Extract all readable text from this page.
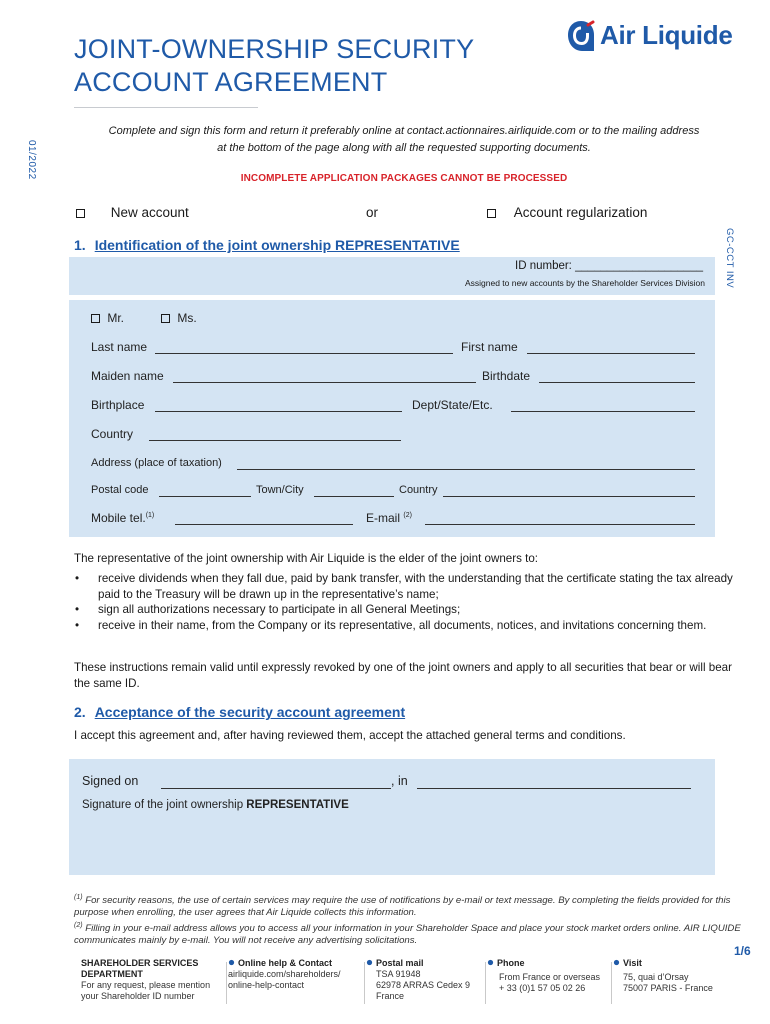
JOINT-OWNERSHIP SECURITY
ACCOUNT AGREEMENT
Air Liquide
01/2022
GC-CCT INV
Complete and sign this form and return it preferably online at contact.actionnaires.airliquide.com or to the mailing address
at the bottom of the page along with all the requested supporting documents.
INCOMPLETE APPLICATION PACKAGES CANNOT BE PROCESSED
New account	or	Account regularization
1. Identification of the joint ownership REPRESENTATIVE
ID number: ____________________
Assigned to new accounts by the Shareholder Services Division
Mr.	Ms.
Last name	First name
Maiden name	Birthdate
Birthplace	Dept/State/Etc.
Country
Address (place of taxation)
Postal code	Town/City	Country
Mobile tel.$^{(1)}$	E-mail $^{(2)}$
The representative of the joint ownership with Air Liquide is the elder of the joint owners to:
• receive dividends when they fall due, paid by bank transfer, with the understanding that the certificate stating the tax already paid to the Treasury will be drawn up in the representative’s name;
• sign all authorizations necessary to participate in all General Meetings;
• receive in their name, from the Company or its representative, all documents, notices, and invitations concerning them.
These instructions remain valid until expressly revoked by one of the joint owners and apply to all securities that bear or will bear the same ID.
2. Acceptance of the security account agreement
I accept this agreement and, after having reviewed them, accept the attached general terms and conditions.
Signed on	, in
Signature of the joint ownership REPRESENTATIVE
$^{(1)}$ For security reasons, the use of certain services may require the use of notifications by e-mail or text message. By completing the fields provided for this purpose when enrolling, the user agrees that Air Liquide collects this information.
$^{(2)}$ Filling in your e-mail address allows you to access all your information in your Shareholder Space and place your stock market orders online. AIR LIQUIDE communicates mainly by e-mail. You will not receive any advertising solicitations.
1/6
SHAREHOLDER SERVICES
DEPARTMENT
For any request, please mention
your Shareholder ID number
Online help & Contact
airliquide.com/shareholders/
online-help-contact
Postal mail
TSA 91948
62978 ARRAS Cedex 9
France
Phone
From France or overseas
+ 33 (0)1 57 05 02 26
Visit
75, quai d’Orsay
75007 PARIS - France
